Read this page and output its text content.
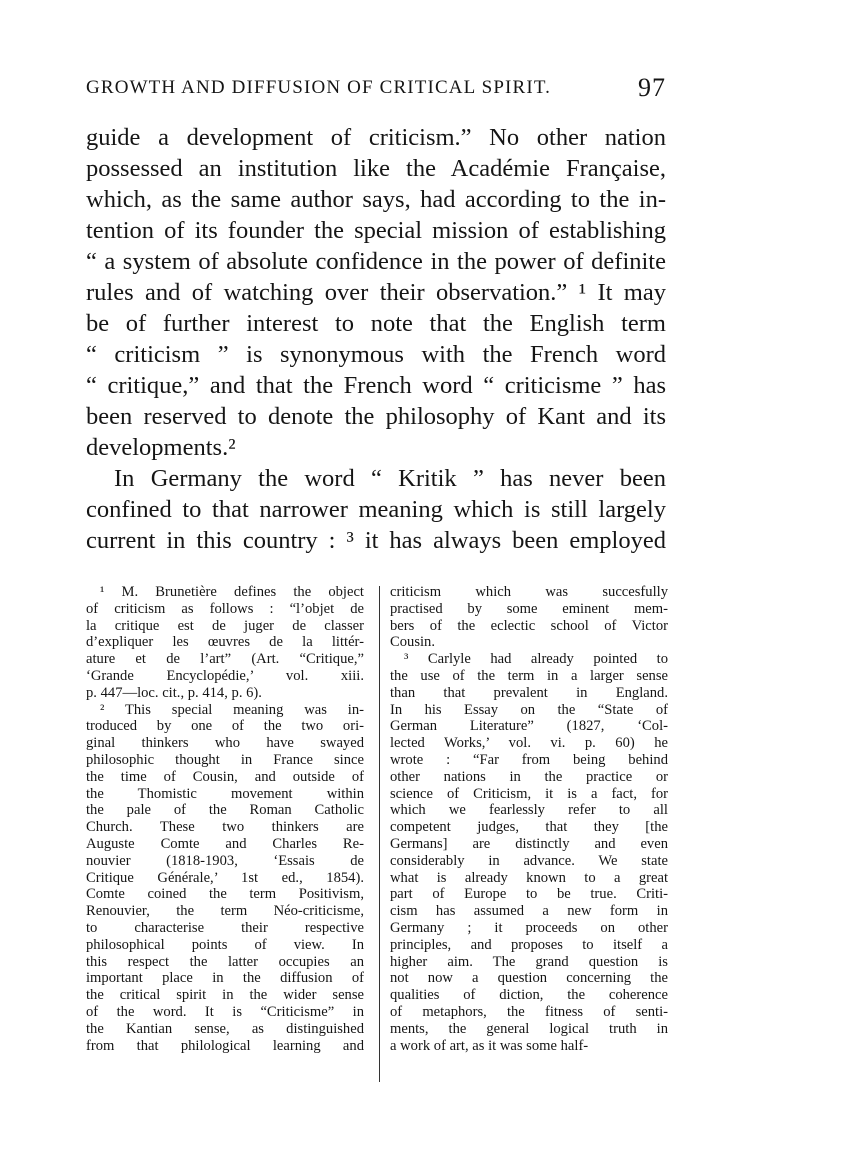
GROWTH AND DIFFUSION OF CRITICAL SPIRIT.	97
guide a development of criticism.” No other nation
possessed an institution like the Académie Française,
which, as the same author says, had according to the in-
tention of its founder the special mission of establishing
“ a system of absolute confidence in the power of definite
rules and of watching over their observation.” ¹ It may
be of further interest to note that the English term
“ criticism ” is synonymous with the French word
“ critique,” and that the French word “ criticisme ” has
been reserved to denote the philosophy of Kant and its
developments.²
In Germany the word “ Kritik ” has never been
confined to that narrower meaning which is still largely
current in this country : ³ it has always been employed
¹ M. Brunetière defines the object
of criticism as follows : “l’objet de
la critique est de juger de classer
d’expliquer les œuvres de la littér-
ature et de l’art” (Art. “Critique,”
‘Grande Encyclopédie,’ vol. xiii.
p. 447—loc. cit., p. 414, p. 6).
² This special meaning was in-
troduced by one of the two ori-
ginal thinkers who have swayed
philosophic thought in France since
the time of Cousin, and outside of
the Thomistic movement within
the pale of the Roman Catholic
Church. These two thinkers are
Auguste Comte and Charles Re-
nouvier (1818-1903, ‘Essais de
Critique Générale,’ 1st ed., 1854).
Comte coined the term Positivism,
Renouvier, the term Néo-criticisme,
to characterise their respective
philosophical points of view. In
this respect the latter occupies an
important place in the diffusion of
the critical spirit in the wider sense
of the word. It is “Criticisme” in
the Kantian sense, as distinguished
from that philological learning and
criticism which was succesfully
practised by some eminent mem-
bers of the eclectic school of Victor
Cousin.
³ Carlyle had already pointed to
the use of the term in a larger sense
than that prevalent in England.
In his Essay on the “State of
German Literature” (1827, ‘Col-
lected Works,’ vol. vi. p. 60) he
wrote : “Far from being behind
other nations in the practice or
science of Criticism, it is a fact, for
which we fearlessly refer to all
competent judges, that they [the
Germans] are distinctly and even
considerably in advance. We state
what is already known to a great
part of Europe to be true. Criti-
cism has assumed a new form in
Germany ; it proceeds on other
principles, and proposes to itself a
higher aim. The grand question is
not now a question concerning the
qualities of diction, the coherence
of metaphors, the fitness of senti-
ments, the general logical truth in
a work of art, as it was some half-
